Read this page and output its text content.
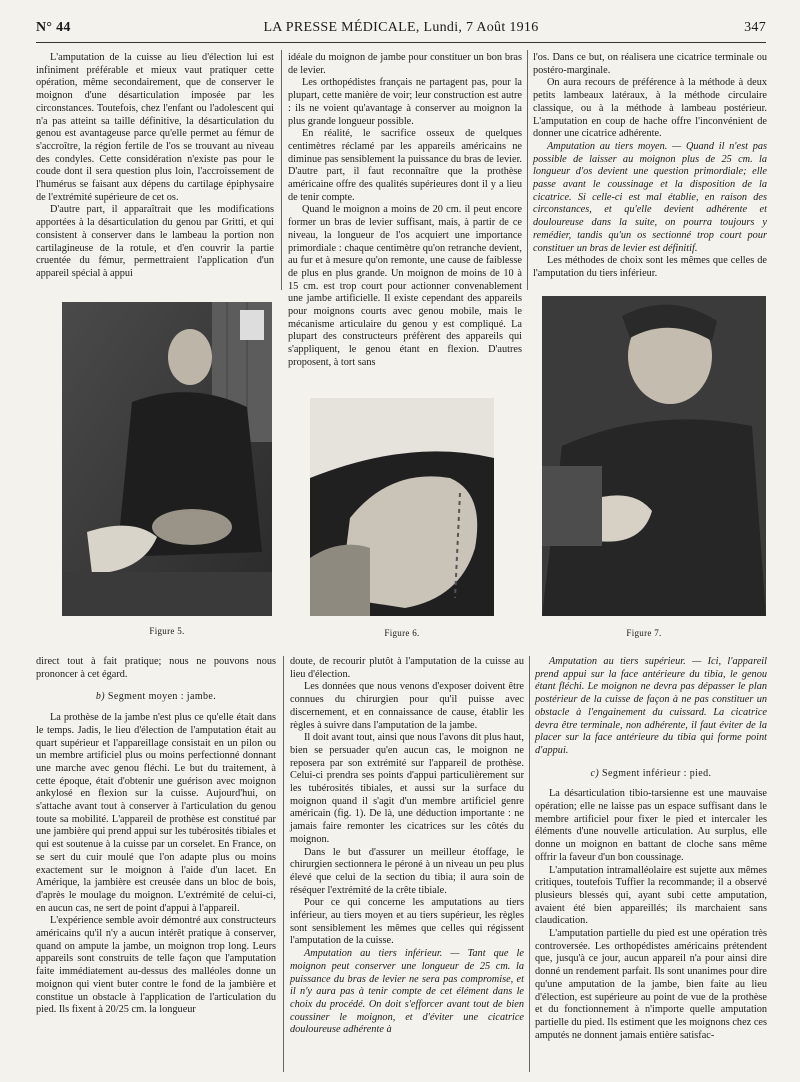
N° 44	LA PRESSE MÉDICALE, Lundi, 7 Août 1916	347

L'amputation de la cuisse au lieu d'élection lui est infiniment préférable et mieux vaut pratiquer cette opération, même secondairement, que de conserver le moignon d'une désarticulation imposée par les circonstances. Toutefois, chez l'enfant ou l'adolescent qui n'a pas atteint sa taille définitive, la désarticulation du genou est avantageuse parce qu'elle permet au fémur de s'accroître, la région fertile de l'os se trouvant au niveau des condyles. Cette considération n'existe pas pour le coude dont il sera question plus loin, l'accroissement de l'humérus se faisant aux dépens du cartilage épiphysaire de l'extrémité supérieure de cet os.

D'autre part, il apparaîtrait que les modifications apportées à la désarticulation du genou par Gritti, et qui consistent à conserver dans le lambeau la portion non cartilagineuse de la rotule, et d'en couvrir la partie cruentée du fémur, permettraient l'application d'un appareil spécial à appui

idéale du moignon de jambe pour constituer un bon bras de levier.

Les orthopédistes français ne partagent pas, pour la plupart, cette manière de voir; leur construction est autre : ils ne voient qu'avantage à conserver au moignon la plus grande longueur possible.

En réalité, le sacrifice osseux de quelques centimètres réclamé par les appareils américains ne diminue pas sensiblement la puissance du bras de levier. D'autre part, il faut reconnaître que la prothèse américaine offre des qualités supérieures dont il y a lieu de tenir compte.

Quand le moignon a moins de 20 cm. il peut encore former un bras de levier suffisant, mais, à partir de ce niveau, la longueur de l'os acquiert une importance primordiale : chaque centimètre qu'on retranche devient, au fur et à mesure qu'on remonte, une cause de faiblesse de plus en plus grande. Un moignon de moins de 10 à 15 cm. est trop court pour actionner convenablement une jambe artificielle. Il existe cependant des appareils pour moignons courts avec genou mobile, mais le mécanisme articulaire du genou y est compliqué. La plupart des constructeurs préfèrent des appareils qui s'appliquent, le genou étant en flexion. D'autres proposent, à tort sans

l'os. Dans ce but, on réalisera une cicatrice terminale ou postéro-marginale.

On aura recours de préférence à la méthode à deux petits lambeaux latéraux, à la méthode circulaire classique, ou à la méthode à lambeau postérieur. L'amputation en coup de hache offre l'inconvénient de donner une cicatrice adhérente.

Amputation au tiers moyen. — Quand il n'est pas possible de laisser au moignon plus de 25 cm. la longueur d'os devient une question primordiale; elle passe avant le coussinage et la disposition de la cicatrice. Si celle-ci est mal établie, en raison des circonstances, et qu'elle devient adhérente et douloureuse dans la suite, on pourra toujours y remédier, tandis qu'un os sectionné trop court pour constituer un bras de levier est définitif.

Les méthodes de choix sont les mêmes que celles de l'amputation du tiers inférieur.

Figure 5.	Figure 6.	Figure 7.

direct tout à fait pratique; nous ne pouvons nous prononcer à cet égard.

b) Segment moyen : jambe.

La prothèse de la jambe n'est plus ce qu'elle était dans le temps. Jadis, le lieu d'élection de l'amputation était au quart supérieur et l'appareillage consistait en un pilon ou un membre artificiel plus ou moins perfectionné donnant une marche avec genou fléchi. Le but du traitement, à cette époque, était d'obtenir une guérison avec moignon ankylosé en flexion sur la cuisse. Aujourd'hui, on s'attache avant tout à conserver à l'articulation du genou toute sa mobilité. L'appareil de prothèse est constitué par une jambière qui prend appui sur les tubérosités tibiales et qui est soutenue à la cuisse par un corselet. En France, on se sert du cuir moulé que l'on adapte plus ou moins exactement sur le moignon à l'aide d'un lacet. En Amérique, la jambière est creusée dans un bloc de bois, d'après le moulage du moignon. L'extrémité de celui-ci, en aucun cas, ne sert de point d'appui à l'appareil.

L'expérience semble avoir démontré aux constructeurs américains qu'il n'y a aucun intérêt pratique à conserver, quand on ampute la jambe, un moignon trop long. Leurs appareils sont construits de telle façon que l'amputation faite immédiatement au-dessus des malléoles donne un moignon qui vient buter contre le fond de la jambière et constitue un obstacle à l'application de l'articulation du pied. Ils fixent à 20/25 cm. la longueur

doute, de recourir plutôt à l'amputation de la cuisse au lieu d'élection.

Les données que nous venons d'exposer doivent être connues du chirurgien pour qu'il puisse avec discernement, et en connaissance de cause, établir les règles à suivre dans l'amputation de la jambe.

Il doit avant tout, ainsi que nous l'avons dit plus haut, bien se persuader qu'en aucun cas, le moignon ne reposera par son extrémité sur l'appareil de prothèse. Celui-ci prendra ses points d'appui particulièrement sur les tubérosités tibiales, et aussi sur la surface du moignon quand il s'agit d'un membre artificiel genre américain (fig. 1). De là, une déduction importante : ne jamais faire remonter les cicatrices sur les côtés du moignon.

Dans le but d'assurer un meilleur étoffage, le chirurgien sectionnera le péroné à un niveau un peu plus élevé que celui de la section du tibia; il aura soin de réséquer l'extrémité de la crête tibiale.

Pour ce qui concerne les amputations au tiers inférieur, au tiers moyen et au tiers supérieur, les règles sont sensiblement les mêmes que celles qui régissent l'amputation de la cuisse.

Amputation au tiers inférieur. — Tant que le moignon peut conserver une longueur de 25 cm. la puissance du bras de levier ne sera pas compromise, et il n'y aura pas à tenir compte de cet élément dans le choix du procédé. On doit s'efforcer avant tout de bien coussiner le moignon, et d'éviter une cicatrice douloureuse adhérente à

Amputation au tiers supérieur. — Ici, l'appareil prend appui sur la face antérieure du tibia, le genou étant fléchi. Le moignon ne devra pas dépasser le plan postérieur de la cuisse de façon à ne pas constituer un obstacle à l'engainement du cuissard. La cicatrice devra être terminale, non adhérente, il faut éviter de la placer sur la face antérieure du tibia qui forme point d'appui.

c) Segment inférieur : pied.

La désarticulation tibio-tarsienne est une mauvaise opération; elle ne laisse pas un espace suffisant dans le membre artificiel pour fixer le pied et intercaler les éléments d'une nouvelle articulation. Au surplus, elle donne un moignon en battant de cloche sans même offrir la faveur d'un bon coussinage.

L'amputation intramalléolaire est sujette aux mêmes critiques, toutefois Tuffier la recommande; il a observé plusieurs blessés qui, ayant subi cette amputation, avaient été bien appareillés; ils marchaient sans claudication.

L'amputation partielle du pied est une opération très controversée. Les orthopédistes américains prétendent que, jusqu'à ce jour, aucun appareil n'a pour ainsi dire donné un rendement parfait. Ils sont unanimes pour dire qu'une amputation de la jambe, bien faite au lieu d'élection, est supérieure au point de vue de la prothèse et du fonctionnement à n'importe quelle amputation partielle du pied. Ils estiment que les moignons chez ces amputés ne donnent jamais entière satisfac-
